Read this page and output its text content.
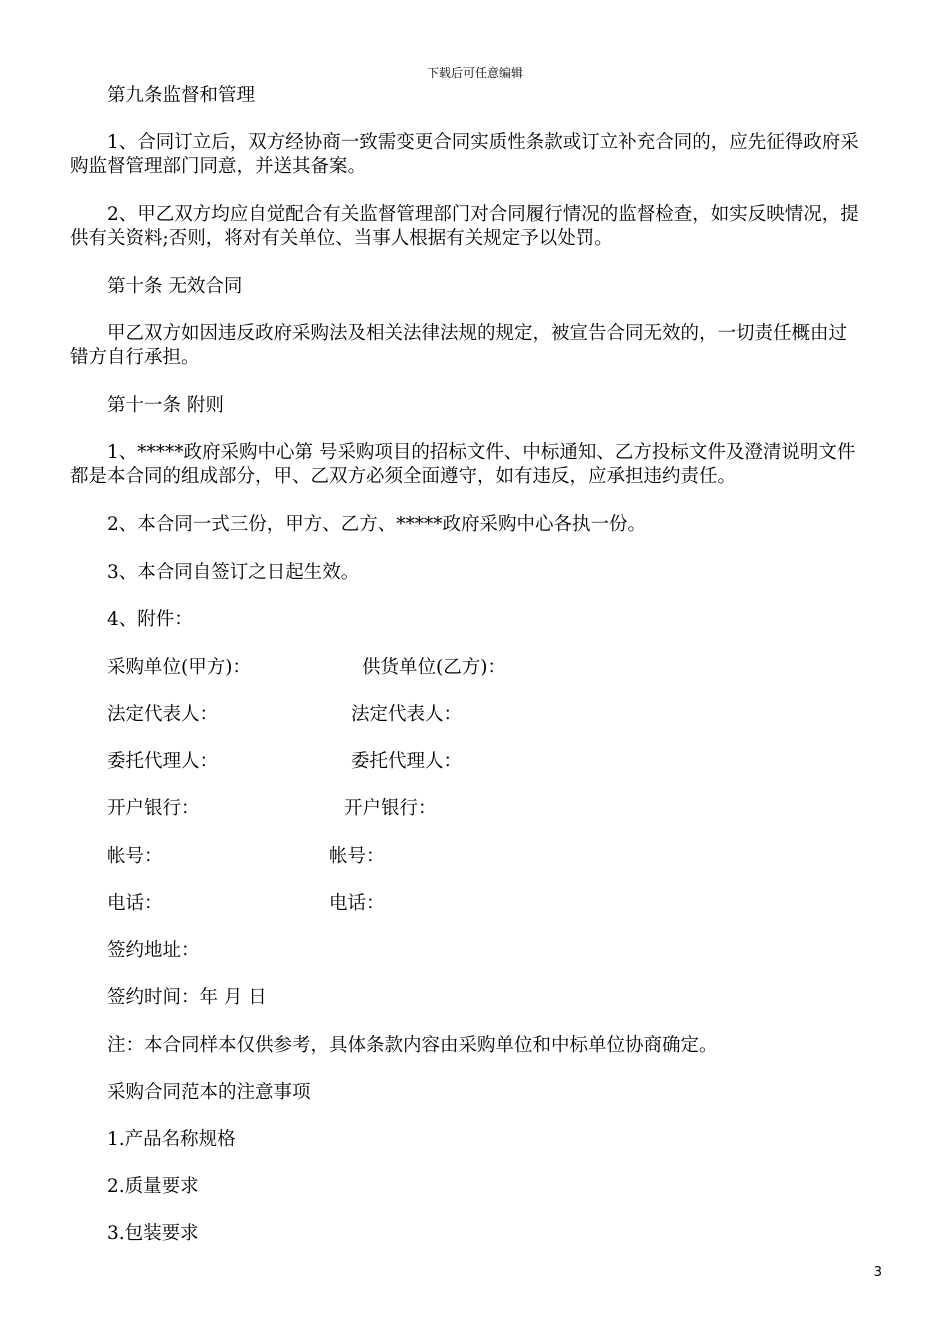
下载后可任意编辑
第九条监督和管理
1、合同订立后，双方经协商一致需变更合同实质性条款或订立补充合同的，应先征得政府采
购监督管理部门同意，并送其备案。
2、甲乙双方均应自觉配合有关监督管理部门对合同履行情况的监督检查，如实反映情况，提
供有关资料;否则，将对有关单位、当事人根据有关规定予以处罚。
第十条 无效合同
甲乙双方如因违反政府采购法及相关法律法规的规定，被宣告合同无效的，一切责任概由过
错方自行承担。
第十一条 附则
1、*****政府采购中心第 号采购项目的招标文件、中标通知、乙方投标文件及澄清说明文件
都是本合同的组成部分，甲、乙双方必须全面遵守，如有违反，应承担违约责任。
2、本合同一式三份，甲方、乙方、*****政府采购中心各执一份。
3、本合同自签订之日起生效。
4、附件：
采购单位(甲方)：	供货单位(乙方)：
法定代表人：	法定代表人：
委托代理人：	委托代理人：
开户银行：	开户银行：
帐号：	帐号：
电话：	电话：
签约地址：
签约时间：年 月 日
注：本合同样本仅供参考，具体条款内容由采购单位和中标单位协商确定。
采购合同范本的注意事项
1.产品名称规格
2.质量要求
3.包装要求
3
